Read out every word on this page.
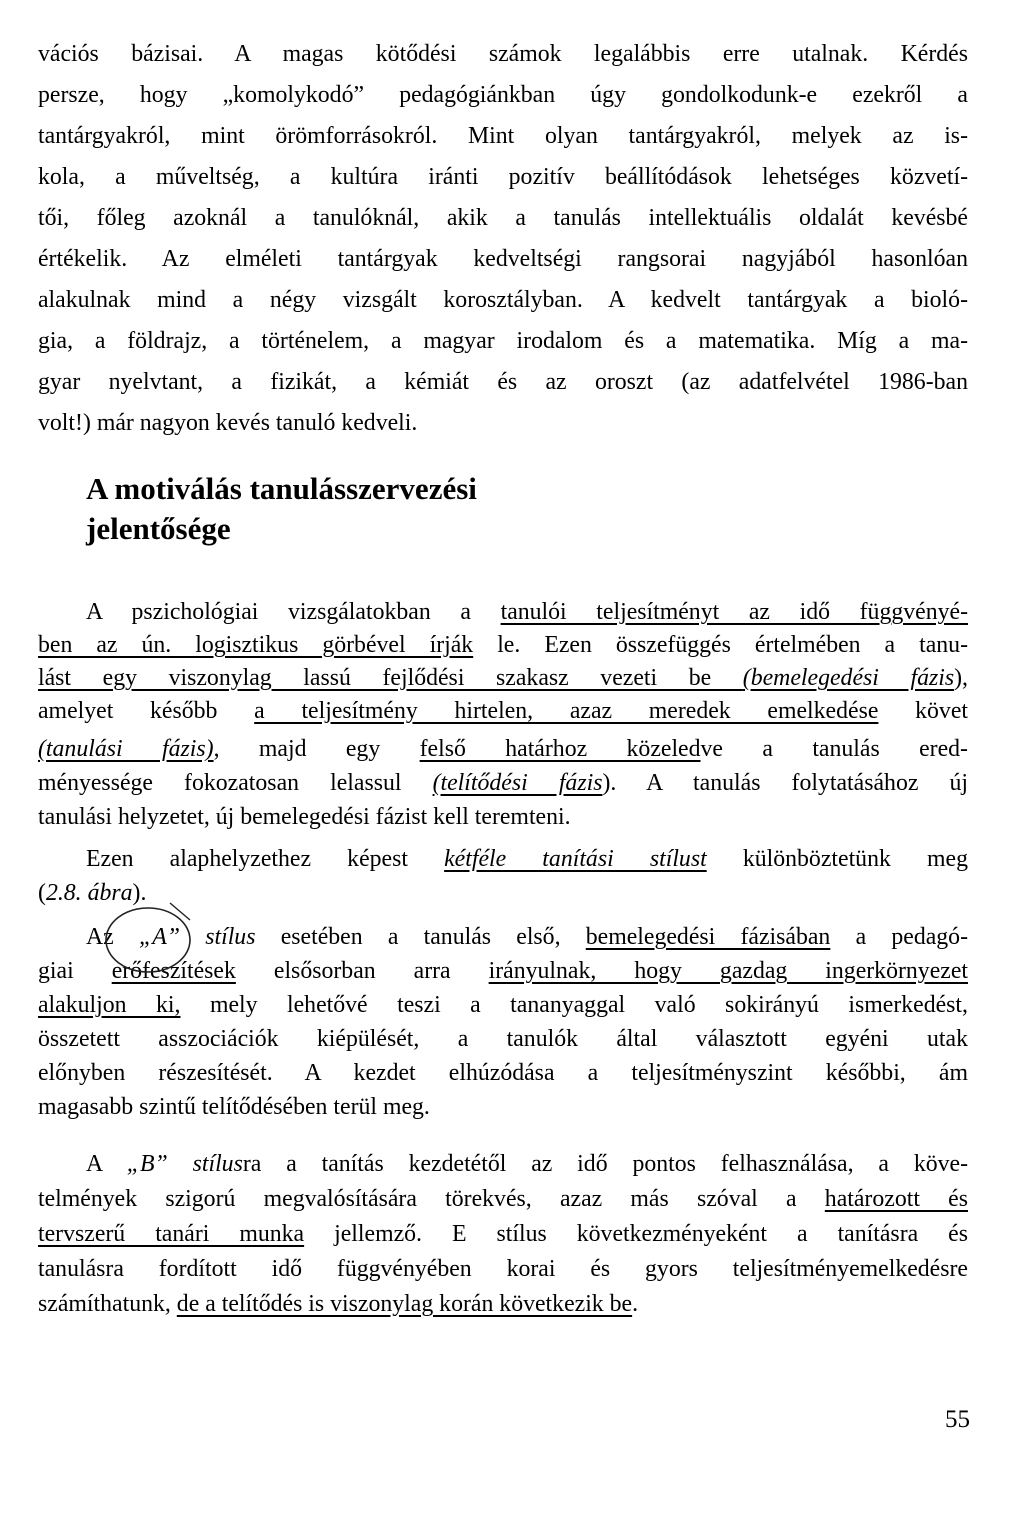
vációs bázisai. A magas kötődési számok legalábbis erre utalnak. Kérdés
persze, hogy „komolykodó” pedagógiánkban úgy gondolkodunk-e ezekről a
tantárgyakról, mint örömforrásokról. Mint olyan tantárgyakról, melyek az is-
kola, a műveltség, a kultúra iránti pozitív beállítódások lehetséges közvetí-
tői, főleg azoknál a tanulóknál, akik a tanulás intellektuális oldalát kevésbé
értékelik. Az elméleti tantárgyak kedveltségi rangsorai nagyjából hasonlóan
alakulnak mind a négy vizsgált korosztályban. A kedvelt tantárgyak a bioló-
gia, a földrajz, a történelem, a magyar irodalom és a matematika. Míg a ma-
gyar nyelvtant, a fizikát, a kémiát és az oroszt (az adatfelvétel 1986-ban
volt!) már nagyon kevés tanuló kedveli.
A motiválás tanulásszervezési
jelentősége
A pszichológiai vizsgálatokban a tanulói teljesítményt az idő függvényé-
ben az ún. logisztikus görbével írják le. Ezen összefüggés értelmében a tanu-
lást egy viszonylag lassú fejlődési szakasz vezeti be (bemelegedési fázis),
amelyet később a teljesítmény hirtelen, azaz meredek emelkedése követ
(tanulási fázis), majd egy felső határhoz közeledve a tanulás ered-
ményessége fokozatosan lelassul (telítődési fázis). A tanulás folytatásához új
tanulási helyzetet, új bemelegedési fázist kell teremteni.
Ezen alaphelyzethez képest kétféle tanítási stílust különböztetünk meg
(2.8. ábra).
Az „A” stílus esetében a tanulás első, bemelegedési fázisában a pedagó-
giai erőfeszítések elsősorban arra irányulnak, hogy gazdag ingerkörnyezet
alakuljon ki, mely lehetővé teszi a tananyaggal való sokirányú ismerkedést,
összetett asszociációk kiépülését, a tanulók által választott egyéni utak
előnyben részesítését. A kezdet elhúzódása a teljesítményszint későbbi, ám
magasabb szintű telítődésében terül meg.
A „B” stílusra a tanítás kezdetétől az idő pontos felhasználása, a köve-
telmények szigorú megvalósítására törekvés, azaz más szóval a határozott és
tervszerű tanári munka jellemző. E stílus következményeként a tanításra és
tanulásra fordított idő függvényében korai és gyors teljesítményemelkedésre
számíthatunk, de a telítődés is viszonylag korán következik be.
55
